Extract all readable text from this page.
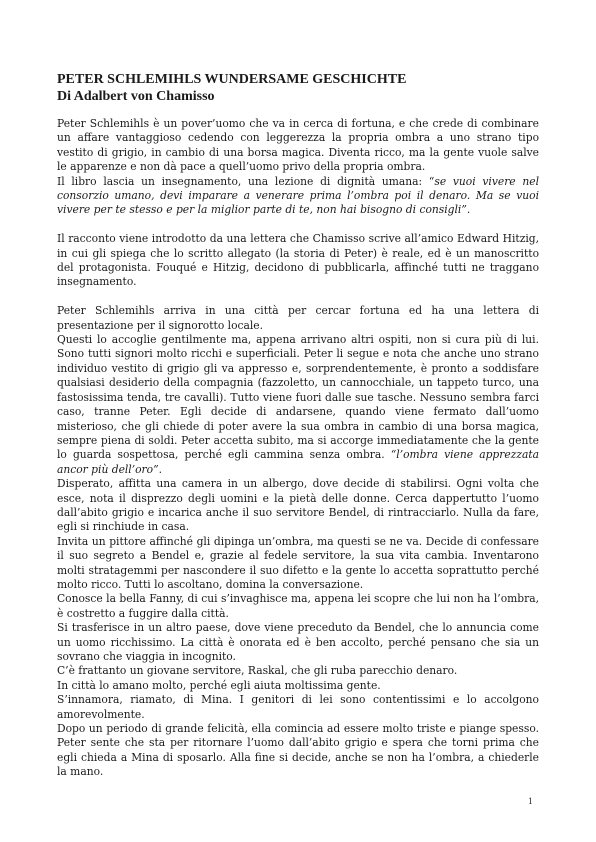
PETER SCHLEMIHLS WUNDERSAME GESCHICHTE
Di Adalbert von Chamisso

Peter Schlemihls è un pover’uomo che va in cerca di fortuna, e che crede di combinare un affare vantaggioso cedendo con leggerezza la propria ombra a uno strano tipo vestito di grigio, in cambio di una borsa magica. Diventa ricco, ma la gente vuole salve le apparenze e non dà pace a quell’uomo privo della propria ombra.

Il libro lascia un insegnamento, una lezione di dignità umana: “se vuoi vivere nel consorzio umano, devi imparare a venerare prima l’ombra poi il denaro. Ma se vuoi vivere per te stesso e per la miglior parte di te, non hai bisogno di consigli”.

Il racconto viene introdotto da una lettera che Chamisso scrive all’amico Edward Hitzig, in cui gli spiega che lo scritto allegato (la storia di Peter) è reale, ed è un manoscritto del protagonista. Fouqué e Hitzig, decidono di pubblicarla, affinché tutti ne traggano insegnamento.

Peter Schlemihls arriva in una città per cercar fortuna ed ha una lettera di presentazione per il signorotto locale.

Questi lo accoglie gentilmente ma, appena arrivano altri ospiti, non si cura più di lui. Sono tutti signori molto ricchi e superficiali. Peter li segue e nota che anche uno strano individuo vestito di grigio gli va appresso e, sorprendentemente, è pronto a soddisfare qualsiasi desiderio della compagnia (fazzoletto, un cannocchiale, un tappeto turco, una fastosissima tenda, tre cavalli). Tutto viene fuori dalle sue tasche. Nessuno sembra farci caso, tranne Peter. Egli decide di andarsene, quando viene fermato dall’uomo misterioso, che gli chiede di poter avere la sua ombra in cambio di una borsa magica, sempre piena di soldi. Peter accetta subito, ma si accorge immediatamente che la gente lo guarda sospettosa, perché egli cammina senza ombra. “l’ombra viene apprezzata ancor più dell’oro”.

Disperato, affitta una camera in un albergo, dove decide di stabilirsi. Ogni volta che esce, nota il disprezzo degli uomini e la pietà delle donne. Cerca dappertutto l’uomo dall’abito grigio e incarica anche il suo servitore Bendel, di rintracciarlo. Nulla da fare, egli si rinchiude in casa.

Invita un pittore affinché gli dipinga un’ombra, ma questi se ne va. Decide di confessare il suo segreto a Bendel e, grazie al fedele servitore, la sua vita cambia. Inventarono molti stratagemmi per nascondere il suo difetto e la gente lo accetta soprattutto perché molto ricco. Tutti lo ascoltano, domina la conversazione.

Conosce la bella Fanny, di cui s’invaghisce ma, appena lei scopre che lui non ha l’ombra, è costretto a fuggire dalla città.

Si trasferisce in un altro paese, dove viene preceduto da Bendel, che lo annuncia come un uomo ricchissimo. La città è onorata ed è ben accolto, perché pensano che sia un sovrano che viaggia in incognito.

C’è frattanto un giovane servitore, Raskal, che gli ruba parecchio denaro.

In città lo amano molto, perché egli aiuta moltissima gente.

S’innamora, riamato, di Mina. I genitori di lei sono contentissimi e lo accolgono amorevolmente.

Dopo un periodo di grande felicità, ella comincia ad essere molto triste e piange spesso. Peter sente che sta per ritornare l’uomo dall’abito grigio e spera che torni prima che egli chieda a Mina di sposarlo. Alla fine si decide, anche se non ha l’ombra, a chiederle la mano.

1
